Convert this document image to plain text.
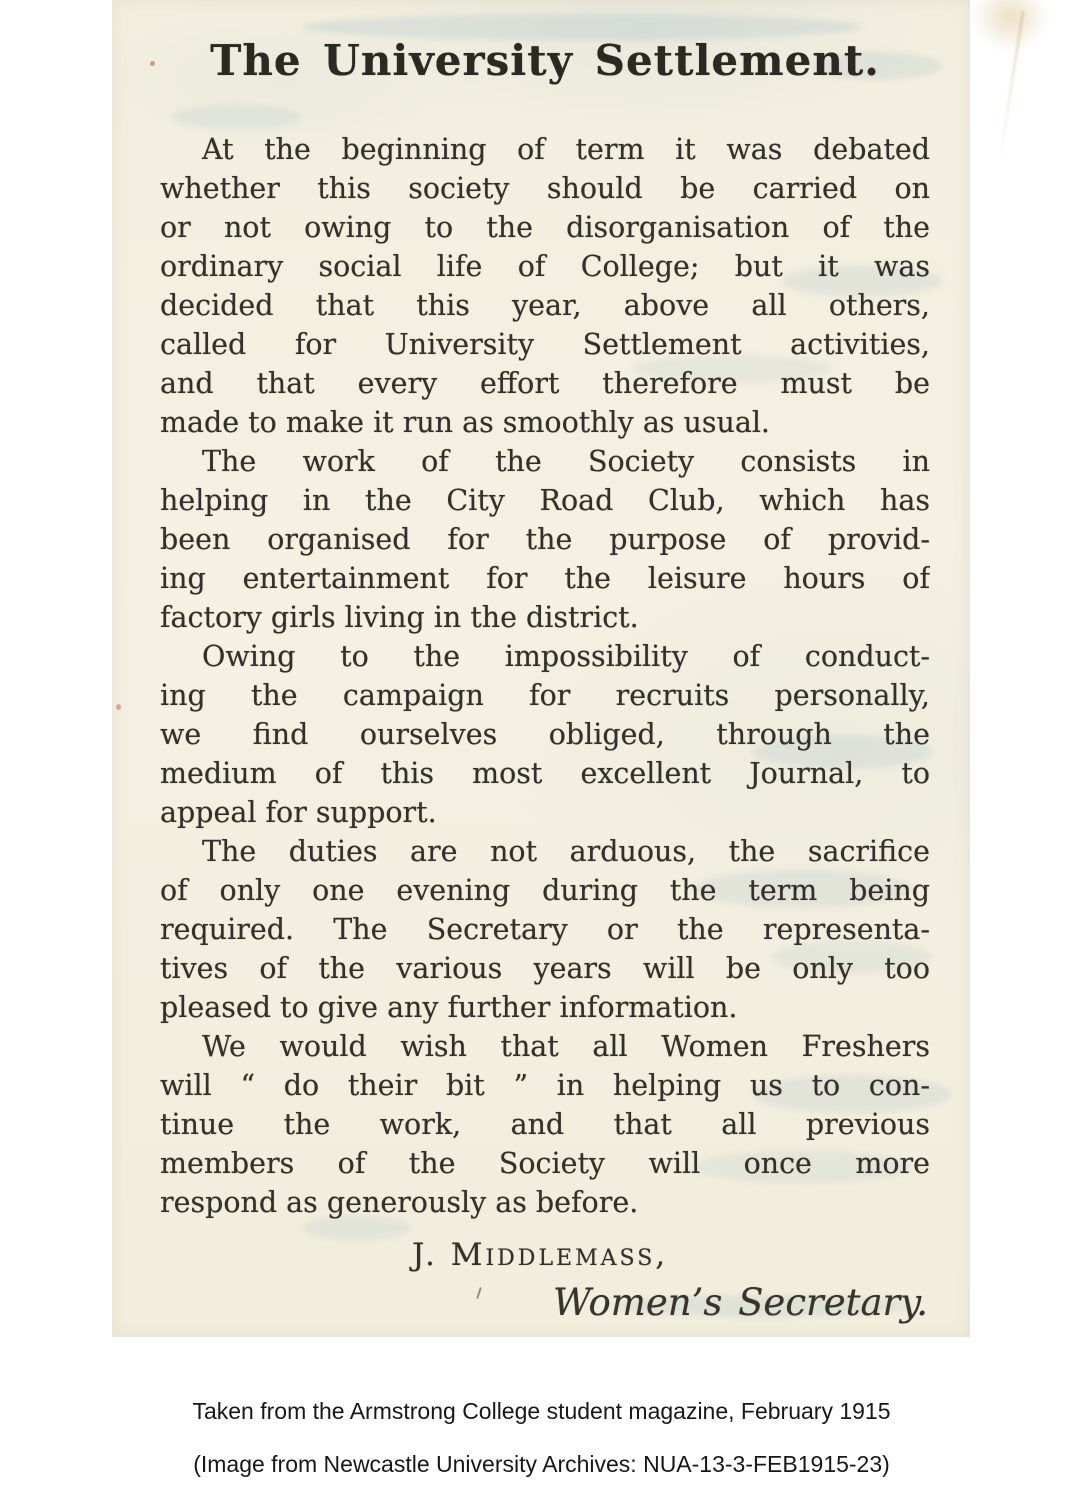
The University Settlement.
At the beginning of term it was debated
whether this society should be carried on
or not owing to the disorganisation of the
ordinary social life of College; but it was
decided that this year, above all others,
called for University Settlement activities,
and that every effort therefore must be
made to make it run as smoothly as usual.
The work of the Society consists in
helping in the City Road Club, which has
been organised for the purpose of provid-
ing entertainment for the leisure hours of
factory girls living in the district.
Owing to the impossibility of conduct-
ing the campaign for recruits personally,
we find ourselves obliged, through the
medium of this most excellent Journal, to
appeal for support.
The duties are not arduous, the sacrifice
of only one evening during the term being
required. The Secretary or the representa-
tives of the various years will be only too
pleased to give any further information.
We would wish that all Women Freshers
will “ do their bit ” in helping us to con-
tinue the work, and that all previous
members of the Society will once more
respond as generously as before.
J. Middlemass,
Women’s Secretary.
Taken from the Armstrong College student magazine, February 1915
(Image from Newcastle University Archives: NUA-13-3-FEB1915-23)
